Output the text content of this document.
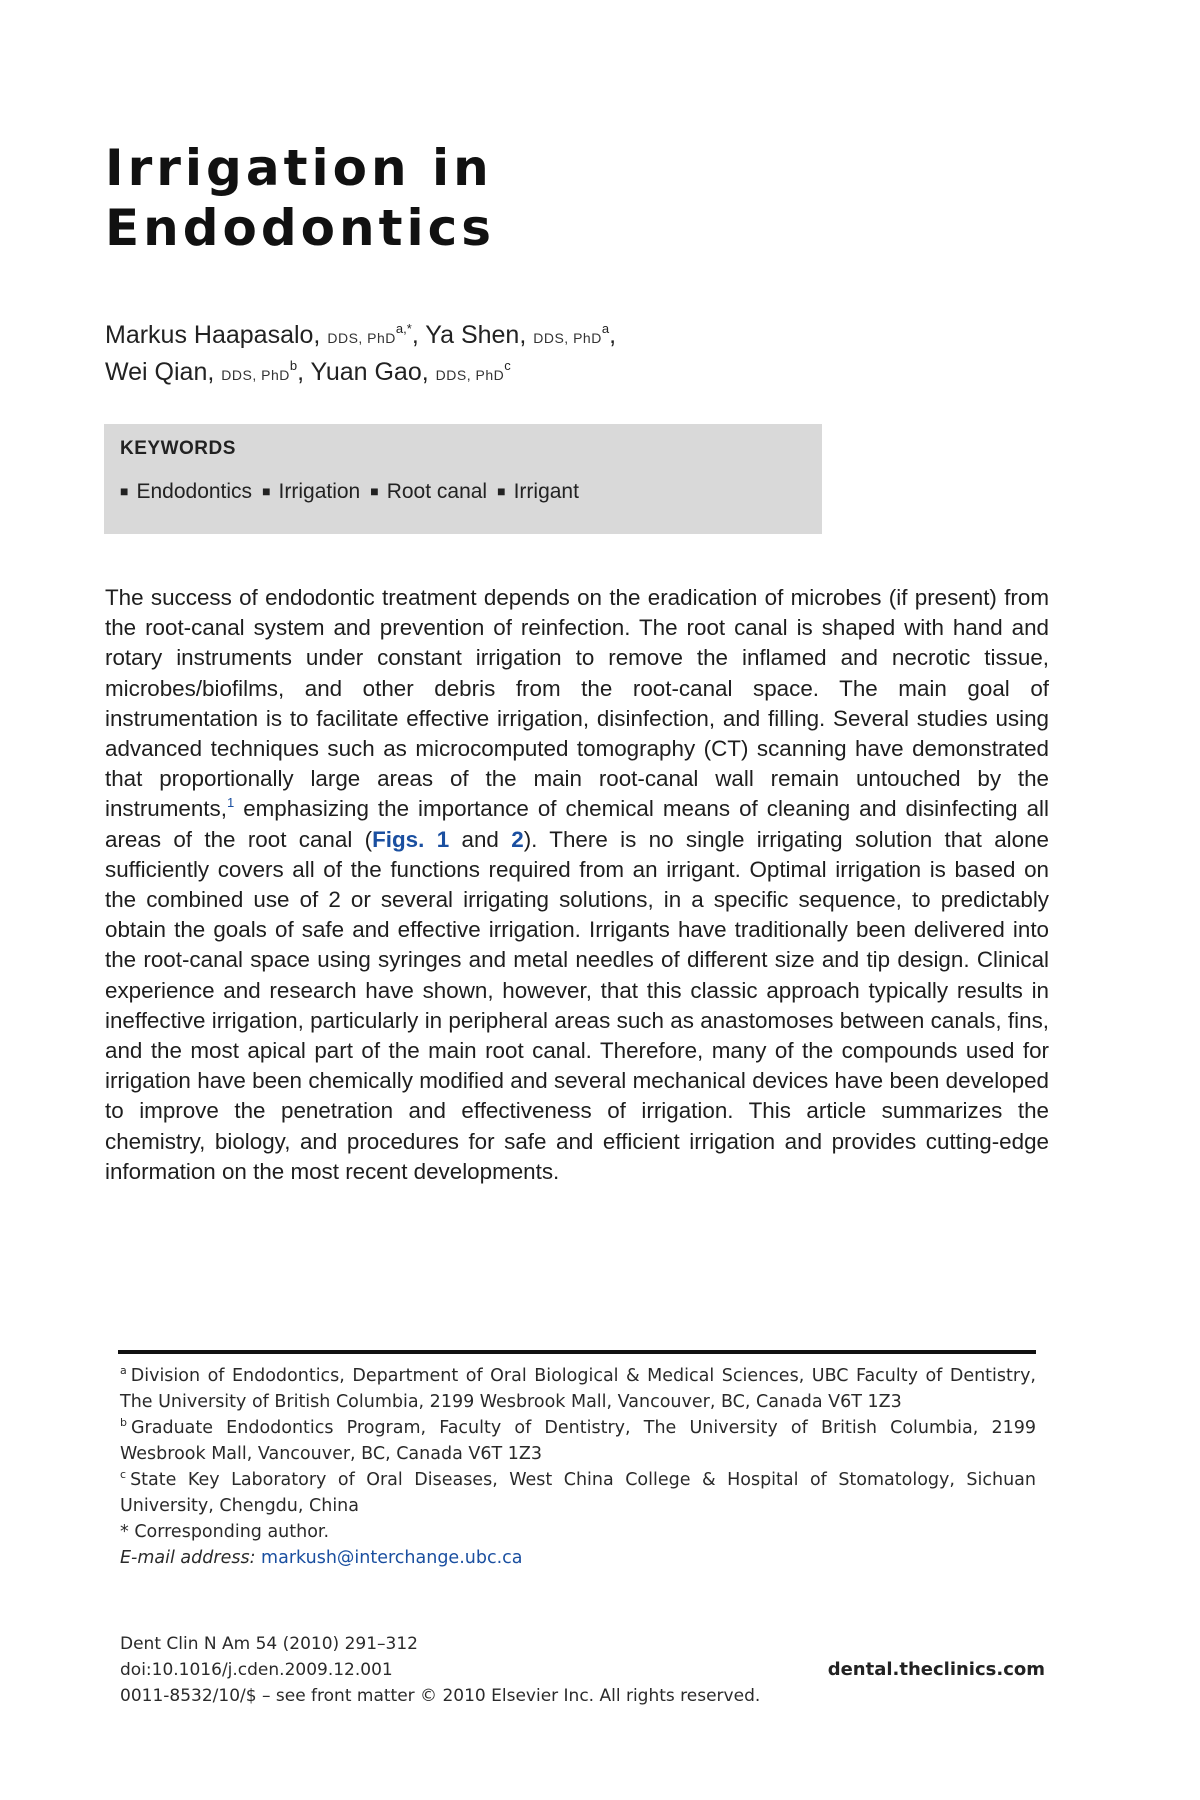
Irrigation in
Endodontics
Markus Haapasalo, DDS, PhD$^{a,*}$, Ya Shen, DDS, PhD$^a$,
Wei Qian, DDS, PhD$^b$, Yuan Gao, DDS, PhD$^c$
KEYWORDS
■ Endodontics ■ Irrigation ■ Root canal ■ Irrigant

The success of endodontic treatment depends on the eradication of microbes (if present) from the root-canal system and prevention of reinfection. The root canal is shaped with hand and rotary instruments under constant irrigation to remove the inflamed and necrotic tissue, microbes/biofilms, and other debris from the root-canal space. The main goal of instrumentation is to facilitate effective irrigation, disinfection, and filling. Several studies using advanced techniques such as microcomputed tomography (CT) scanning have demonstrated that proportionally large areas of the main root-canal wall remain untouched by the instruments,$^1$ emphasizing the importance of chemical means of cleaning and disinfecting all areas of the root canal (Figs. 1 and 2). There is no single irrigating solution that alone sufficiently covers all of the functions required from an irrigant. Optimal irrigation is based on the combined use of 2 or several irrigating solutions, in a specific sequence, to predictably obtain the goals of safe and effective irrigation. Irrigants have traditionally been delivered into the root-canal space using syringes and metal needles of different size and tip design. Clinical experience and research have shown, however, that this classic approach typically results in ineffective irrigation, particularly in peripheral areas such as anastomoses between canals, fins, and the most apical part of the main root canal. Therefore, many of the compounds used for irrigation have been chemically modified and several mechanical devices have been developed to improve the penetration and effectiveness of irrigation. This article summarizes the chemistry, biology, and procedures for safe and efficient irrigation and provides cutting-edge information on the most recent developments.

$^a$ Division of Endodontics, Department of Oral Biological & Medical Sciences, UBC Faculty of Dentistry, The University of British Columbia, 2199 Wesbrook Mall, Vancouver, BC, Canada V6T 1Z3

$^b$ Graduate Endodontics Program, Faculty of Dentistry, The University of British Columbia, 2199 Wesbrook Mall, Vancouver, BC, Canada V6T 1Z3

$^c$ State Key Laboratory of Oral Diseases, West China College & Hospital of Stomatology, Sichuan University, Chengdu, China

* Corresponding author.

E-mail address: markush@interchange.ubc.ca

Dent Clin N Am 54 (2010) 291–312

doi:10.1016/j.cden.2009.12.001

0011-8532/10/$ – see front matter © 2010 Elsevier Inc. All rights reserved.

dental.theclinics.com
